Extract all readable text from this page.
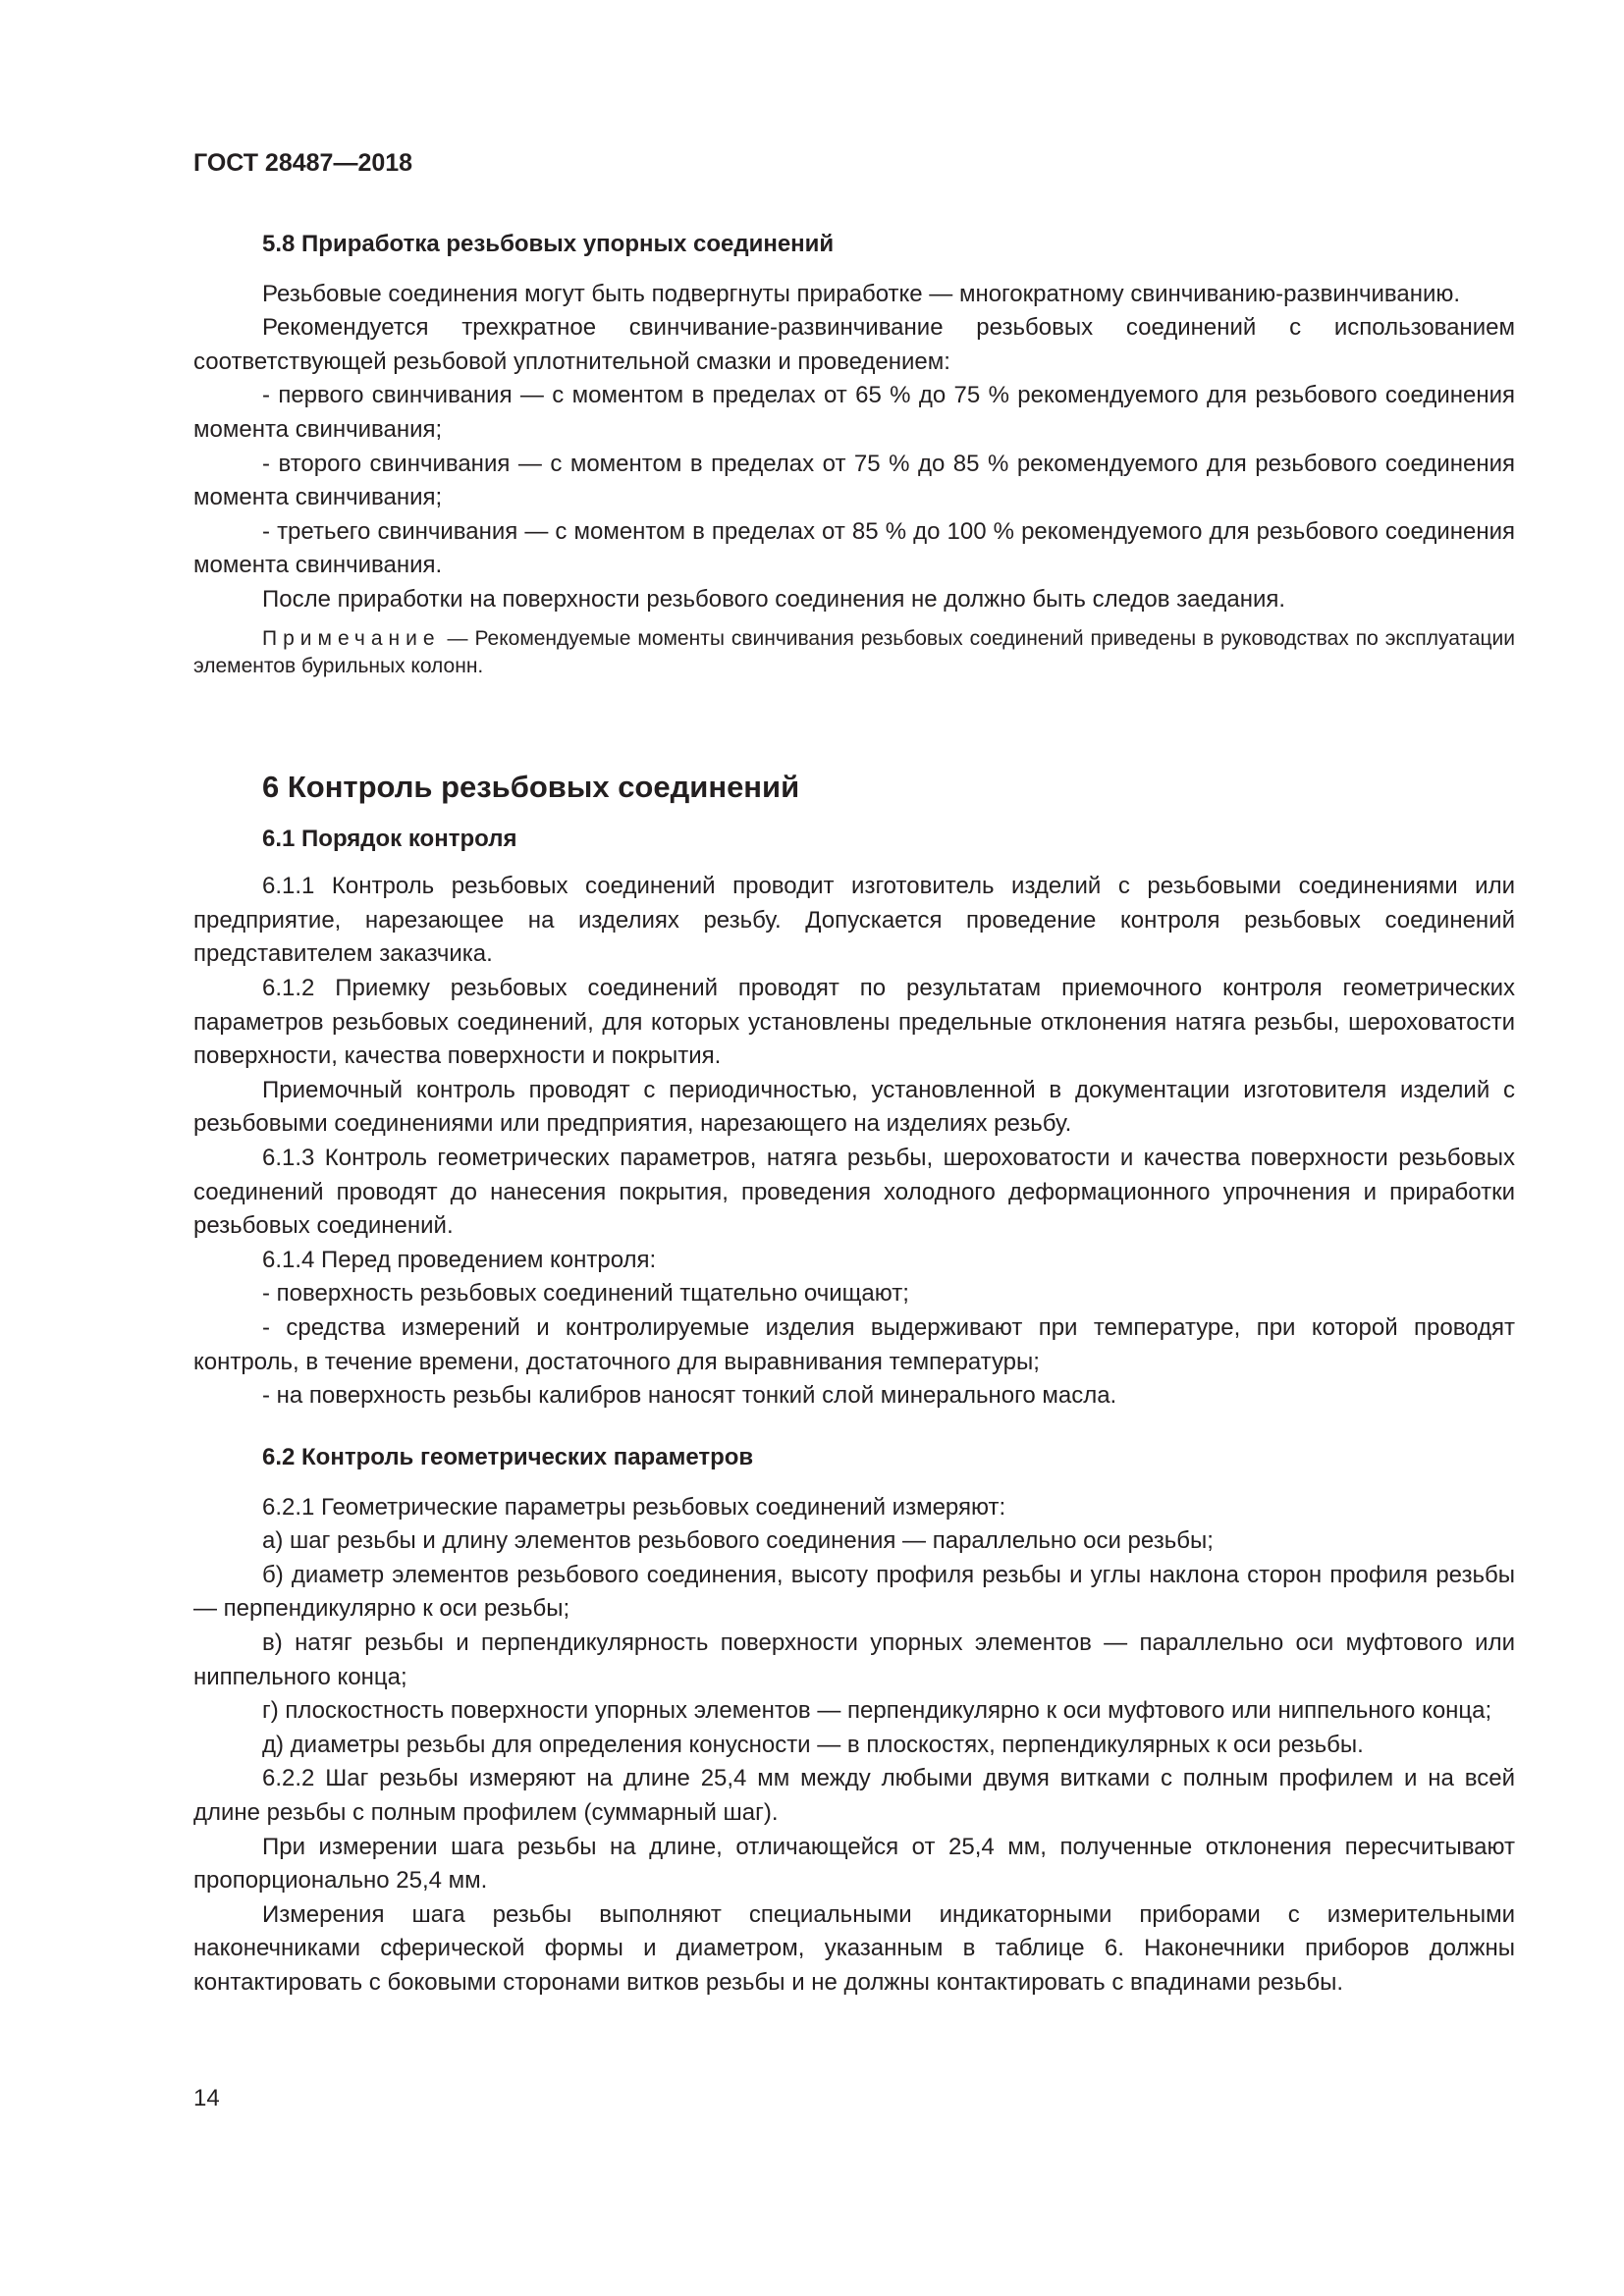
ГОСТ 28487—2018

5.8 Приработка резьбовых упорных соединений

Резьбовые соединения могут быть подвергнуты приработке — многократному свинчиванию-развинчиванию.

Рекомендуется трехкратное свинчивание-развинчивание резьбовых соединений с использованием соответствующей резьбовой уплотнительной смазки и проведением:

- первого свинчивания — с моментом в пределах от 65 % до 75 % рекомендуемого для резьбового соединения момента свинчивания;

- второго свинчивания — с моментом в пределах от 75 % до 85 % рекомендуемого для резьбового соединения момента свинчивания;

- третьего свинчивания — с моментом в пределах от 85 % до 100 % рекомендуемого для резьбового соединения момента свинчивания.

После приработки на поверхности резьбового соединения не должно быть следов заедания.

Примечание — Рекомендуемые моменты свинчивания резьбовых соединений приведены в руководствах по эксплуатации элементов бурильных колонн.

6 Контроль резьбовых соединений

6.1 Порядок контроля

6.1.1 Контроль резьбовых соединений проводит изготовитель изделий с резьбовыми соединениями или предприятие, нарезающее на изделиях резьбу. Допускается проведение контроля резьбовых соединений представителем заказчика.

6.1.2 Приемку резьбовых соединений проводят по результатам приемочного контроля геометрических параметров резьбовых соединений, для которых установлены предельные отклонения натяга резьбы, шероховатости поверхности, качества поверхности и покрытия.

Приемочный контроль проводят с периодичностью, установленной в документации изготовителя изделий с резьбовыми соединениями или предприятия, нарезающего на изделиях резьбу.

6.1.3 Контроль геометрических параметров, натяга резьбы, шероховатости и качества поверхности резьбовых соединений проводят до нанесения покрытия, проведения холодного деформационного упрочнения и приработки резьбовых соединений.

6.1.4 Перед проведением контроля:

- поверхность резьбовых соединений тщательно очищают;

- средства измерений и контролируемые изделия выдерживают при температуре, при которой проводят контроль, в течение времени, достаточного для выравнивания температуры;

- на поверхность резьбы калибров наносят тонкий слой минерального масла.

6.2 Контроль геометрических параметров

6.2.1 Геометрические параметры резьбовых соединений измеряют:

а) шаг резьбы и длину элементов резьбового соединения — параллельно оси резьбы;

б) диаметр элементов резьбового соединения, высоту профиля резьбы и углы наклона сторон профиля резьбы — перпендикулярно к оси резьбы;

в) натяг резьбы и перпендикулярность поверхности упорных элементов — параллельно оси муфтового или ниппельного конца;

г) плоскостность поверхности упорных элементов — перпендикулярно к оси муфтового или ниппельного конца;

д) диаметры резьбы для определения конусности — в плоскостях, перпендикулярных к оси резьбы.

6.2.2 Шаг резьбы измеряют на длине 25,4 мм между любыми двумя витками с полным профилем и на всей длине резьбы с полным профилем (суммарный шаг).

При измерении шага резьбы на длине, отличающейся от 25,4 мм, полученные отклонения пересчитывают пропорционально 25,4 мм.

Измерения шага резьбы выполняют специальными индикаторными приборами с измерительными наконечниками сферической формы и диаметром, указанным в таблице 6. Наконечники приборов должны контактировать с боковыми сторонами витков резьбы и не должны контактировать с впадинами резьбы.

14
